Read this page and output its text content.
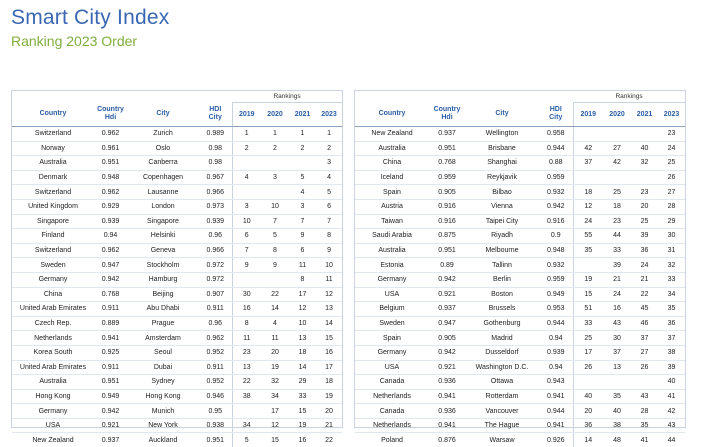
Smart City Index
Ranking 2023 Order
				Rankings			
Country	Country
Hdi	City	HDI
City	2019	2020	2021	2023
Switzerland	0.962	Zurich	0.989	1	1	1	1
Norway	0.961	Oslo	0.98	2	2	2	2
Australia	0.951	Canberra	0.98				3
Denmark	0.948	Copenhagen	0.967	4	3	5	4
Switzerland	0.962	Lausanne	0.966			4	5
United Kingdom	0.929	London	0.973	3	10	3	6
Singapore	0.939	Singapore	0.939	10	7	7	7
Finland	0.94	Helsinki	0.96	6	5	9	8
Switzerland	0.962	Geneva	0.966	7	8	6	9
Sweden	0.947	Stockholm	0.972	9	9	11	10
Germany	0.942	Hamburg	0.972			8	11
China	0.768	Beijing	0.907	30	22	17	12
United Arab Emirates	0.911	Abu Dhabi	0.911	16	14	12	13
Czech Rep.	0.889	Prague	0.96	8	4	10	14
Netherlands	0.941	Amsterdam	0.962	11	11	13	15
Korea South	0.925	Seoul	0.952	23	20	18	16
United Arab Emirates	0.911	Dubai	0.911	13	19	14	17
Australia	0.951	Sydney	0.952	22	32	29	18
Hong Kong	0.949	Hong Kong	0.946	38	34	33	19
Germany	0.942	Munich	0.95		17	15	20
USA	0.921	New York	0.938	34	12	19	21
New Zealand	0.937	Auckland	0.951	5	15	16	22
				Rankings			
Country	Country
Hdi	City	HDI
City	2019	2020	2021	2023
New Zealand	0.937	Wellington	0.958				23
Australia	0.951	Brisbane	0.944	42	27	40	24
China	0.768	Shanghai	0.88	37	42	32	25
Iceland	0.959	Reykjavik	0.959				26
Spain	0.905	Bilbao	0.932	18	25	23	27
Austria	0.916	Vienna	0.942	12	18	20	28
Taiwan	0.916	Taipei City	0.916	24	23	25	29
Saudi Arabia	0.875	Riyadh	0.9	55	44	39	30
Australia	0.951	Melbourne	0.948	35	33	36	31
Estonia	0.89	Tallinn	0.932		39	24	32
Germany	0.942	Berlin	0.959	19	21	21	33
USA	0.921	Boston	0.949	15	24	22	34
Belgium	0.937	Brussels	0.953	51	16	45	35
Sweden	0.947	Gothenburg	0.944	33	43	46	36
Spain	0.905	Madrid	0.94	25	30	37	37
Germany	0.942	Dusseldorf	0.939	17	37	27	38
USA	0.921	Washington D.C.	0.94	26	13	26	39
Canada	0.936	Ottawa	0.943				40
Netherlands	0.941	Rotterdam	0.941	40	35	43	41
Canada	0.936	Vancouver	0.944	20	40	28	42
Netherlands	0.941	The Hague	0.941	36	38	35	43
Poland	0.876	Warsaw	0.926	14	48	41	44
